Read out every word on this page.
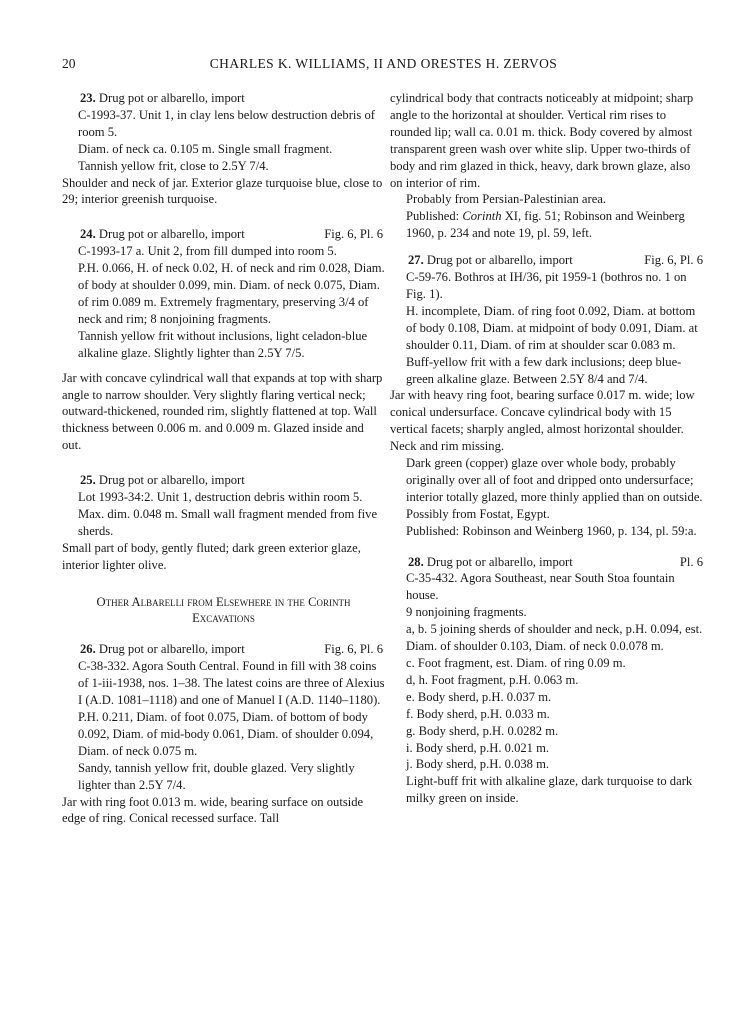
20	CHARLES K. WILLIAMS, II AND ORESTES H. ZERVOS
23. Drug pot or albarello, import

C-1993-37. Unit 1, in clay lens below destruction debris of room 5.

Diam. of neck ca. 0.105 m. Single small fragment.

Tannish yellow frit, close to 2.5Y 7/4.

Shoulder and neck of jar. Exterior glaze turquoise blue, close to 29; interior greenish turquoise.

24. Drug pot or albarello, import	Fig. 6, Pl. 6

C-1993-17 a. Unit 2, from fill dumped into room 5.

P.H. 0.066, H. of neck 0.02, H. of neck and rim 0.028, Diam. of body at shoulder 0.099, min. Diam. of neck 0.075, Diam. of rim 0.089 m. Extremely fragmentary, preserving 3/4 of neck and rim; 8 nonjoining fragments.

Tannish yellow frit without inclusions, light celadon-blue alkaline glaze. Slightly lighter than 2.5Y 7/5.

Jar with concave cylindrical wall that expands at top with sharp angle to narrow shoulder. Very slightly flaring vertical neck; outward-thickened, rounded rim, slightly flattened at top. Wall thickness between 0.006 m. and 0.009 m. Glazed inside and out.

25. Drug pot or albarello, import

Lot 1993-34:2. Unit 1, destruction debris within room 5.

Max. dim. 0.048 m. Small wall fragment mended from five sherds.

Small part of body, gently fluted; dark green exterior glaze, interior lighter olive.

Other Albarelli from Elsewhere in the Corinth Excavations
26. Drug pot or albarello, import	Fig. 6, Pl. 6

C-38-332. Agora South Central. Found in fill with 38 coins of 1-iii-1938, nos. 1–38. The latest coins are three of Alexius I (A.D. 1081–1118) and one of Manuel I (A.D. 1140–1180).

P.H. 0.211, Diam. of foot 0.075, Diam. of bottom of body 0.092, Diam. of mid-body 0.061, Diam. of shoulder 0.094, Diam. of neck 0.075 m.

Sandy, tannish yellow frit, double glazed. Very slightly lighter than 2.5Y 7/4.

Jar with ring foot 0.013 m. wide, bearing surface on outside edge of ring. Conical recessed surface. Tall

cylindrical body that contracts noticeably at midpoint; sharp angle to the horizontal at shoulder. Vertical rim rises to rounded lip; wall ca. 0.01 m. thick. Body covered by almost transparent green wash over white slip. Upper two-thirds of body and rim glazed in thick, heavy, dark brown glaze, also on interior of rim.

Probably from Persian-Palestinian area.

Published: Corinth XI, fig. 51; Robinson and Weinberg 1960, p. 234 and note 19, pl. 59, left.

27. Drug pot or albarello, import	Fig. 6, Pl. 6

C-59-76. Bothros at IH/36, pit 1959-1 (bothros no. 1 on Fig. 1).

H. incomplete, Diam. of ring foot 0.092, Diam. at bottom of body 0.108, Diam. at midpoint of body 0.091, Diam. at shoulder 0.11, Diam. of rim at shoulder scar 0.083 m.

Buff-yellow frit with a few dark inclusions; deep blue-green alkaline glaze. Between 2.5Y 8/4 and 7/4.

Jar with heavy ring foot, bearing surface 0.017 m. wide; low conical undersurface. Concave cylindrical body with 15 vertical facets; sharply angled, almost horizontal shoulder. Neck and rim missing.

Dark green (copper) glaze over whole body, probably originally over all of foot and dripped onto undersurface; interior totally glazed, more thinly applied than on outside.

Possibly from Fostat, Egypt.

Published: Robinson and Weinberg 1960, p. 134, pl. 59:a.

28. Drug pot or albarello, import	Pl. 6

C-35-432. Agora Southeast, near South Stoa fountain house.

9 nonjoining fragments.

a, b. 5 joining sherds of shoulder and neck, p.H. 0.094, est. Diam. of shoulder 0.103, Diam. of neck 0.0.078 m.

c. Foot fragment, est. Diam. of ring 0.09 m.

d, h. Foot fragment, p.H. 0.063 m.

e. Body sherd, p.H. 0.037 m.

f. Body sherd, p.H. 0.033 m.

g. Body sherd, p.H. 0.0282 m.

i. Body sherd, p.H. 0.021 m.

j. Body sherd, p.H. 0.038 m.

Light-buff frit with alkaline glaze, dark turquoise to dark milky green on inside.
